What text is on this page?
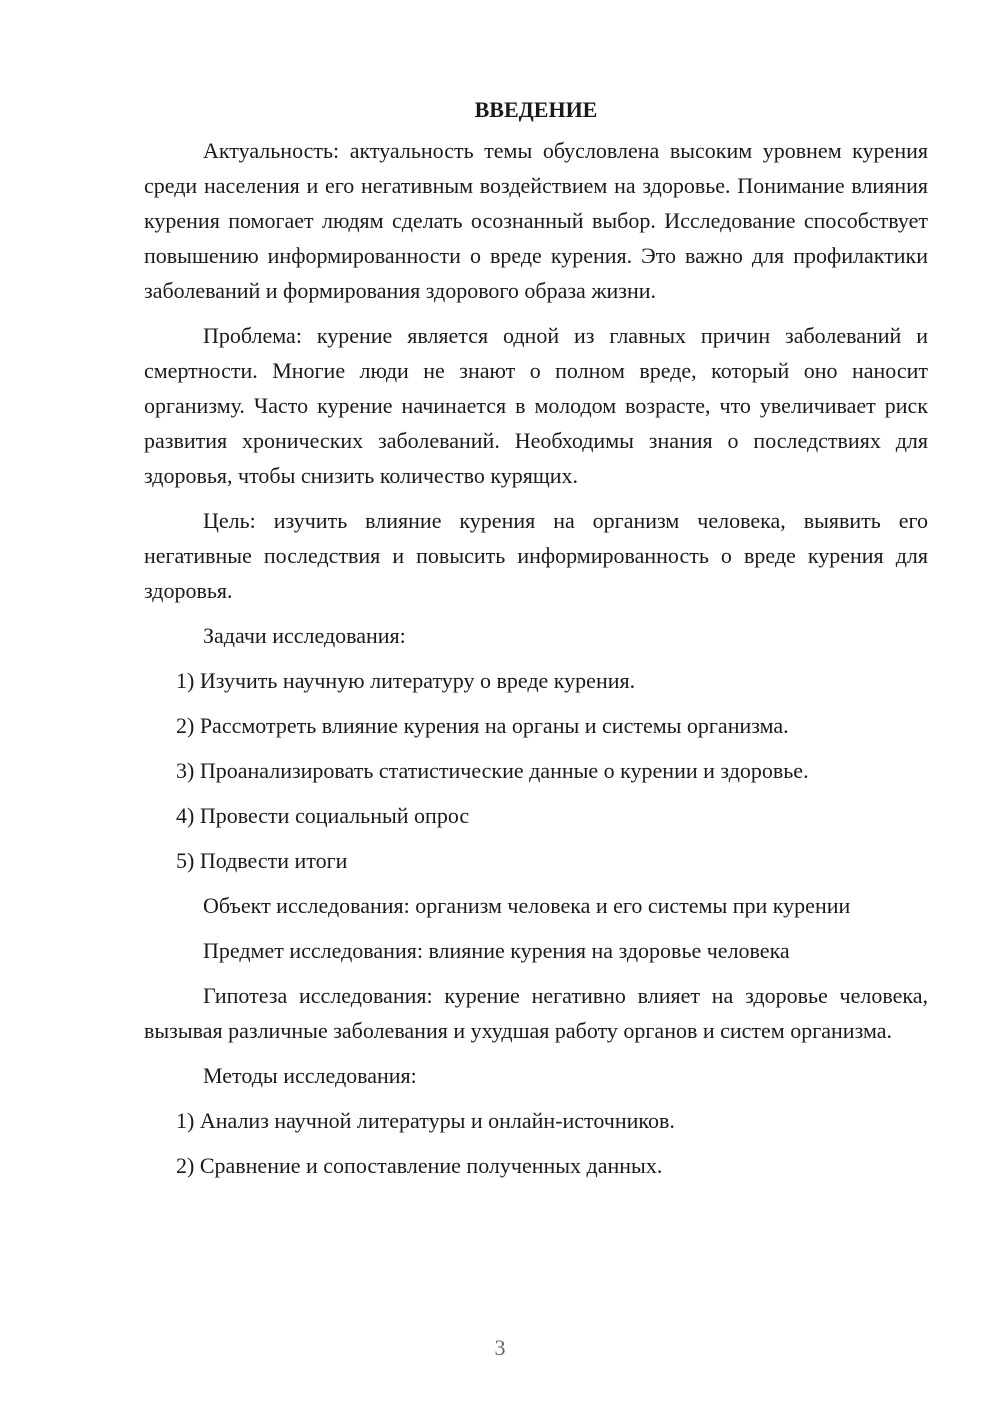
ВВЕДЕНИЕ
Актуальность: актуальность темы обусловлена высоким уровнем курения среди населения и его негативным воздействием на здоровье. Понимание влияния курения помогает людям сделать осознанный выбор. Исследование способствует повышению информированности о вреде курения. Это важно для профилактики заболеваний и формирования здорового образа жизни.
Проблема: курение является одной из главных причин заболеваний и смертности. Многие люди не знают о полном вреде, который оно наносит организму. Часто курение начинается в молодом возрасте, что увеличивает риск развития хронических заболеваний. Необходимы знания о последствиях для здоровья, чтобы снизить количество курящих.
Цель: изучить влияние курения на организм человека, выявить его негативные последствия и повысить информированность о вреде курения для здоровья.
Задачи исследования:
1) Изучить научную литературу о вреде курения.
2) Рассмотреть влияние курения на органы и системы организма.
3) Проанализировать статистические данные о курении и здоровье.
4) Провести социальный опрос
5) Подвести итоги
Объект исследования: организм человека и его системы при курении
Предмет исследования: влияние курения на здоровье человека
Гипотеза исследования: курение негативно влияет на здоровье человека, вызывая различные заболевания и ухудшая работу органов и систем организма.
Методы исследования:
1) Анализ научной литературы и онлайн-источников.
2) Сравнение и сопоставление полученных данных.
3
